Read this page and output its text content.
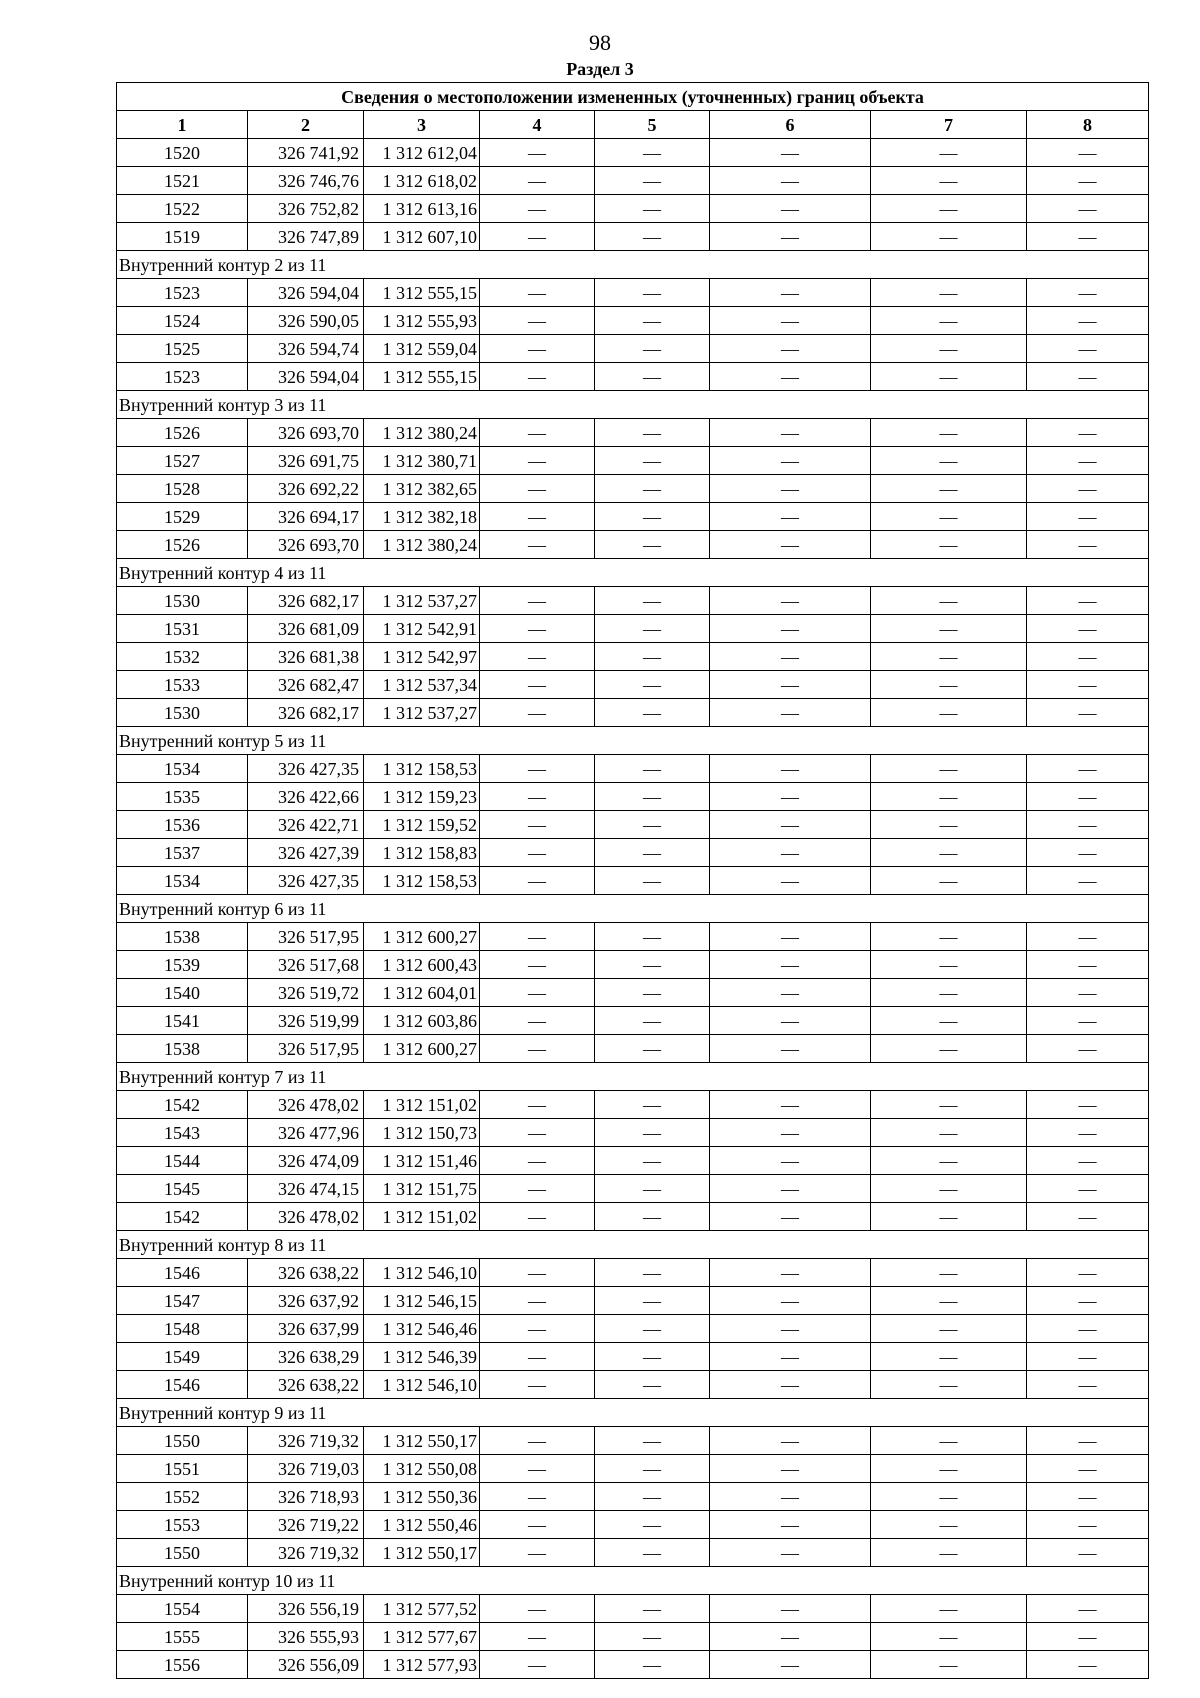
98
Раздел 3
Сведения о местоположении измененных (уточненных) границ объекта							
1	2	3	4	5	6	7	8
1520	326 741,92	1 312 612,04	—	—	—	—	—
1521	326 746,76	1 312 618,02	—	—	—	—	—
1522	326 752,82	1 312 613,16	—	—	—	—	—
1519	326 747,89	1 312 607,10	—	—	—	—	—
Внутренний контур 2 из 11							
1523	326 594,04	1 312 555,15	—	—	—	—	—
1524	326 590,05	1 312 555,93	—	—	—	—	—
1525	326 594,74	1 312 559,04	—	—	—	—	—
1523	326 594,04	1 312 555,15	—	—	—	—	—
Внутренний контур 3 из 11							
1526	326 693,70	1 312 380,24	—	—	—	—	—
1527	326 691,75	1 312 380,71	—	—	—	—	—
1528	326 692,22	1 312 382,65	—	—	—	—	—
1529	326 694,17	1 312 382,18	—	—	—	—	—
1526	326 693,70	1 312 380,24	—	—	—	—	—
Внутренний контур 4 из 11							
1530	326 682,17	1 312 537,27	—	—	—	—	—
1531	326 681,09	1 312 542,91	—	—	—	—	—
1532	326 681,38	1 312 542,97	—	—	—	—	—
1533	326 682,47	1 312 537,34	—	—	—	—	—
1530	326 682,17	1 312 537,27	—	—	—	—	—
Внутренний контур 5 из 11							
1534	326 427,35	1 312 158,53	—	—	—	—	—
1535	326 422,66	1 312 159,23	—	—	—	—	—
1536	326 422,71	1 312 159,52	—	—	—	—	—
1537	326 427,39	1 312 158,83	—	—	—	—	—
1534	326 427,35	1 312 158,53	—	—	—	—	—
Внутренний контур 6 из 11							
1538	326 517,95	1 312 600,27	—	—	—	—	—
1539	326 517,68	1 312 600,43	—	—	—	—	—
1540	326 519,72	1 312 604,01	—	—	—	—	—
1541	326 519,99	1 312 603,86	—	—	—	—	—
1538	326 517,95	1 312 600,27	—	—	—	—	—
Внутренний контур 7 из 11							
1542	326 478,02	1 312 151,02	—	—	—	—	—
1543	326 477,96	1 312 150,73	—	—	—	—	—
1544	326 474,09	1 312 151,46	—	—	—	—	—
1545	326 474,15	1 312 151,75	—	—	—	—	—
1542	326 478,02	1 312 151,02	—	—	—	—	—
Внутренний контур 8 из 11							
1546	326 638,22	1 312 546,10	—	—	—	—	—
1547	326 637,92	1 312 546,15	—	—	—	—	—
1548	326 637,99	1 312 546,46	—	—	—	—	—
1549	326 638,29	1 312 546,39	—	—	—	—	—
1546	326 638,22	1 312 546,10	—	—	—	—	—
Внутренний контур 9 из 11							
1550	326 719,32	1 312 550,17	—	—	—	—	—
1551	326 719,03	1 312 550,08	—	—	—	—	—
1552	326 718,93	1 312 550,36	—	—	—	—	—
1553	326 719,22	1 312 550,46	—	—	—	—	—
1550	326 719,32	1 312 550,17	—	—	—	—	—
Внутренний контур 10 из 11							
1554	326 556,19	1 312 577,52	—	—	—	—	—
1555	326 555,93	1 312 577,67	—	—	—	—	—
1556	326 556,09	1 312 577,93	—	—	—	—	—
